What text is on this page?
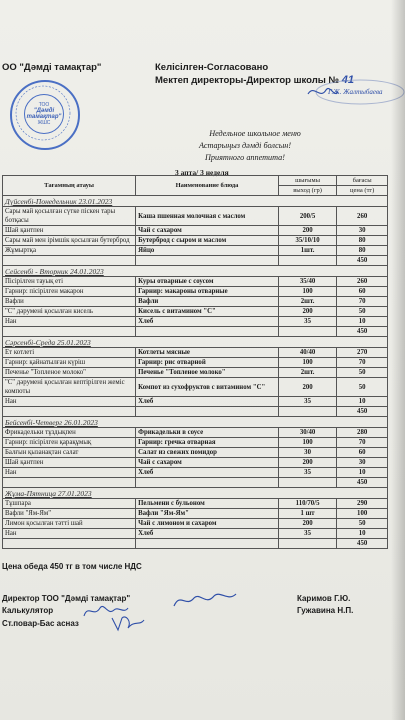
ОО "Дәмді тамақтар"	Келісілген-Согласовано
Мектеп директоры-Директор школы № 41
Г.Ж. Жалтыбаева
ТОО
"Дәмді тамақтар"
ЖШС
Недельное школьное меню
Астарыңыз дәмді болсын!
Приятного аппетита!
3 апта/ 3 неделя
Тағамның атауы	Наименование блюда	шығымы	бағасы
		выход (гр)	цена (тг)
Дүйсенбі-Понедельник 23.01.2023			
Сары май қосылған сүтке піскен тары ботқасы	Каша пшенная молочная с маслом	200/5	260
Шай қантпен	Чай с сахаром	200	30
Сары май мен ірімшік қосылған бутерброд	Бутерброд с сыром и маслом	35/10/10	80
Жұмыртқа	Яйцо	1шт.	80
			450
Сейсенбі - Вторник 24.01.2023			
Пісірілген тауық еті	Куры отварные с соусом	35/40	260
Гарнир: пісірілген макарон	Гарнир: макароны отварные	100	60
Вафли	Вафли	2шт.	70
"С" дәрумені қосылған кисель	Кисель с витамином "С"	200	50
Нан	Хлеб	35	10
			450
Сәрсенбі-Среда 25.01.2023			
Ет котлеті	Котлеты мясные	40/40	270
Гарнир: қайнатылған күріш	Гарнир: рис отварной	100	70
Печенье "Топленое молоко"	Печенье "Топленое молоко"	2шт.	50
"С" дәрумені қосылған кептірілген жеміс компоты	Компот из сухофруктов с витамином "С"	200	50
Нан	Хлеб	35	10
			450
Бейсенбі-Четверг 26.01.2023			
Фрикадельки тұздықпен	Фрикадельки в соусе	30/40	280
Гарнир: пісірілген қарақұмық	Гарнир: гречка отварная	100	70
Балғын қызанақтан салат	Салат из свежих помидор	30	60
Шай қантпен	Чай с сахаром	200	30
Нан	Хлеб	35	10
			450
Жұма-Пятница 27.01.2023			
Тұшпара	Пельмени с бульоном	110/70/5	290
Вафли "Ям-Ям"	Вафли "Ям-Ям"	1 шт	100
Лимон қосылған тәтті шай	Чай с лимоном и сахаром	200	50
Нан	Хлеб	35	10
			450
Цена обеда 450 тг в том числе НДС
Директор ТОО "Дәмді тамақтар"
Калькулятор
Ст.повар-Бас асназ
Каримов Г.Ю.
Гужавина Н.П.
